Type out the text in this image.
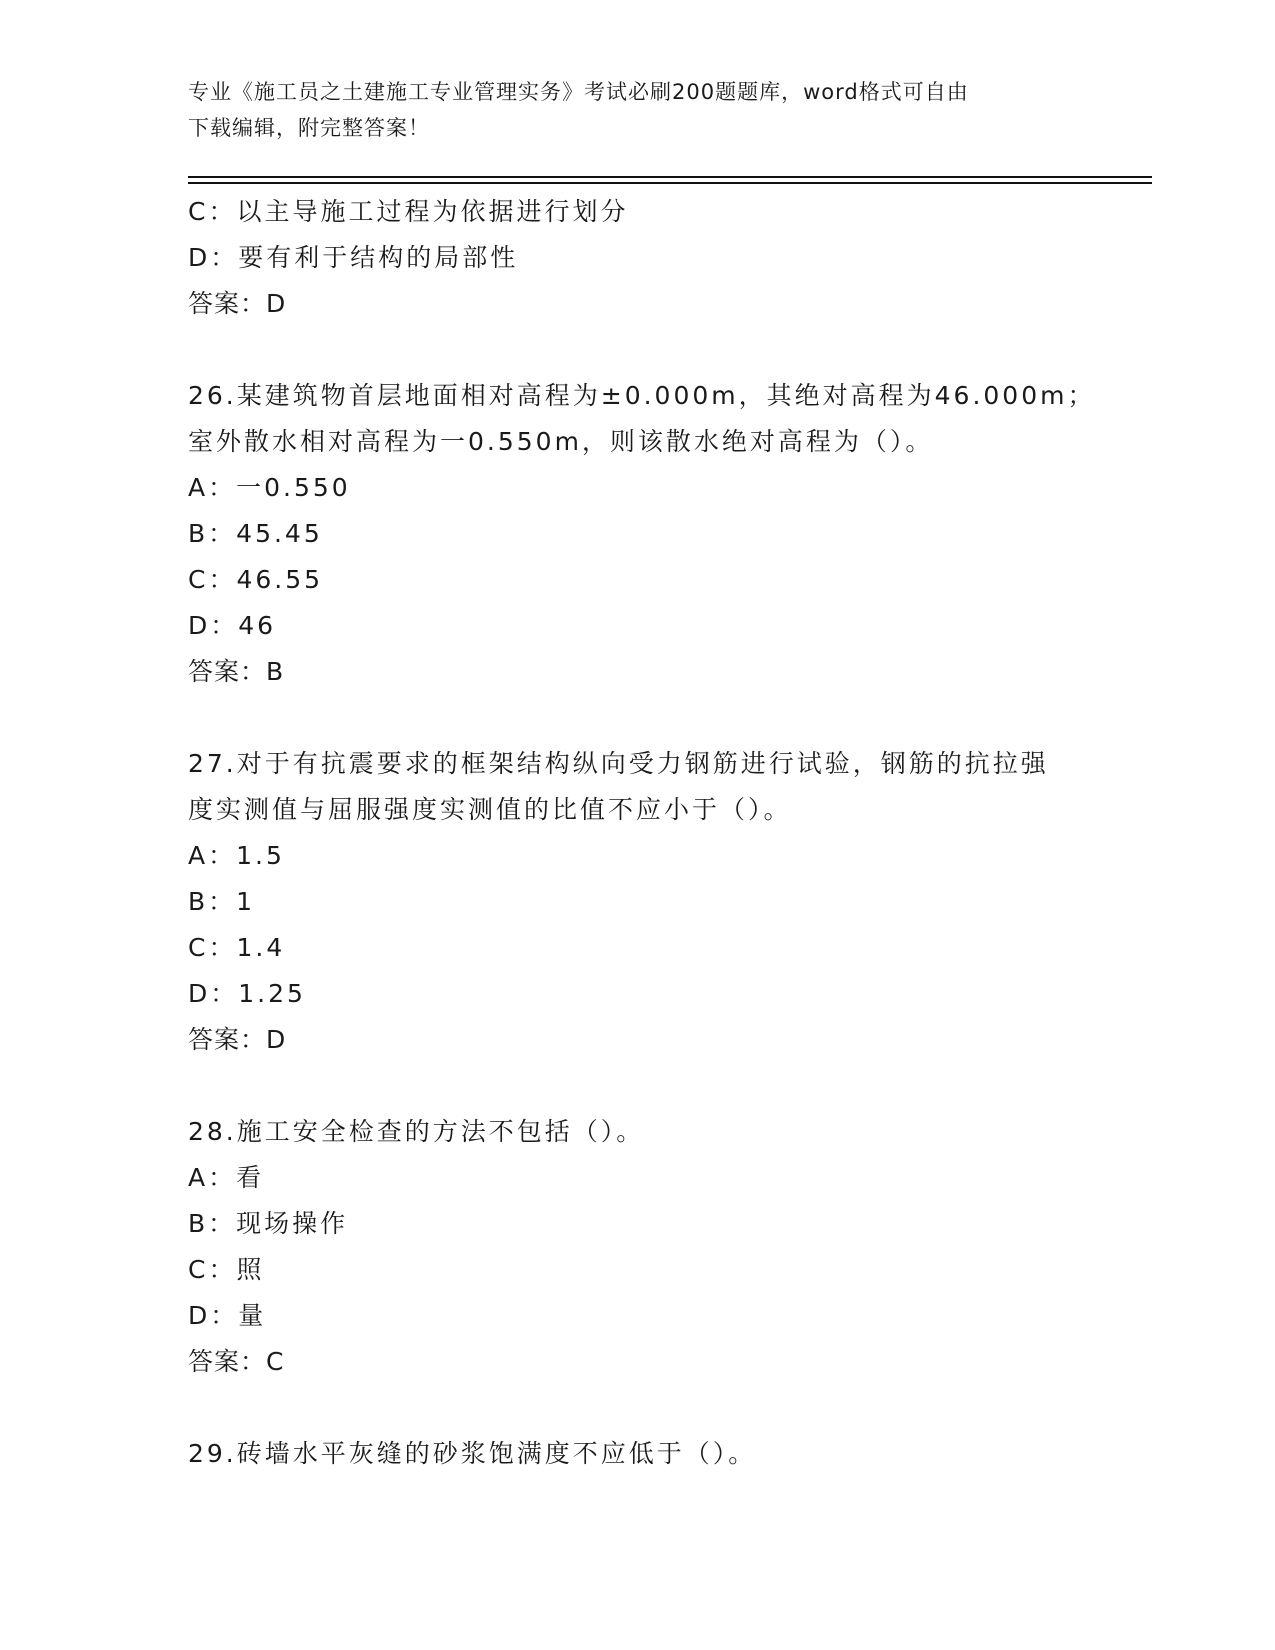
专业《施工员之土建施工专业管理实务》考试必刷200题题库，word格式可自由
下载编辑，附完整答案！
C：以主导施工过程为依据进行划分
D：要有利于结构的局部性
答案：D
26.某建筑物首层地面相对高程为±0.000m，其绝对高程为46.000m；
室外散水相对高程为一0.550m，则该散水绝对高程为（）。
A：一0.550
B：45.45
C：46.55
D：46
答案：B
27.对于有抗震要求的框架结构纵向受力钢筋进行试验，钢筋的抗拉强
度实测值与屈服强度实测值的比值不应小于（）。
A：1.5
B：1
C：1.4
D：1.25
答案：D
28.施工安全检查的方法不包括（）。
A：看
B：现场操作
C：照
D：量
答案：C
29.砖墙水平灰缝的砂浆饱满度不应低于（）。
